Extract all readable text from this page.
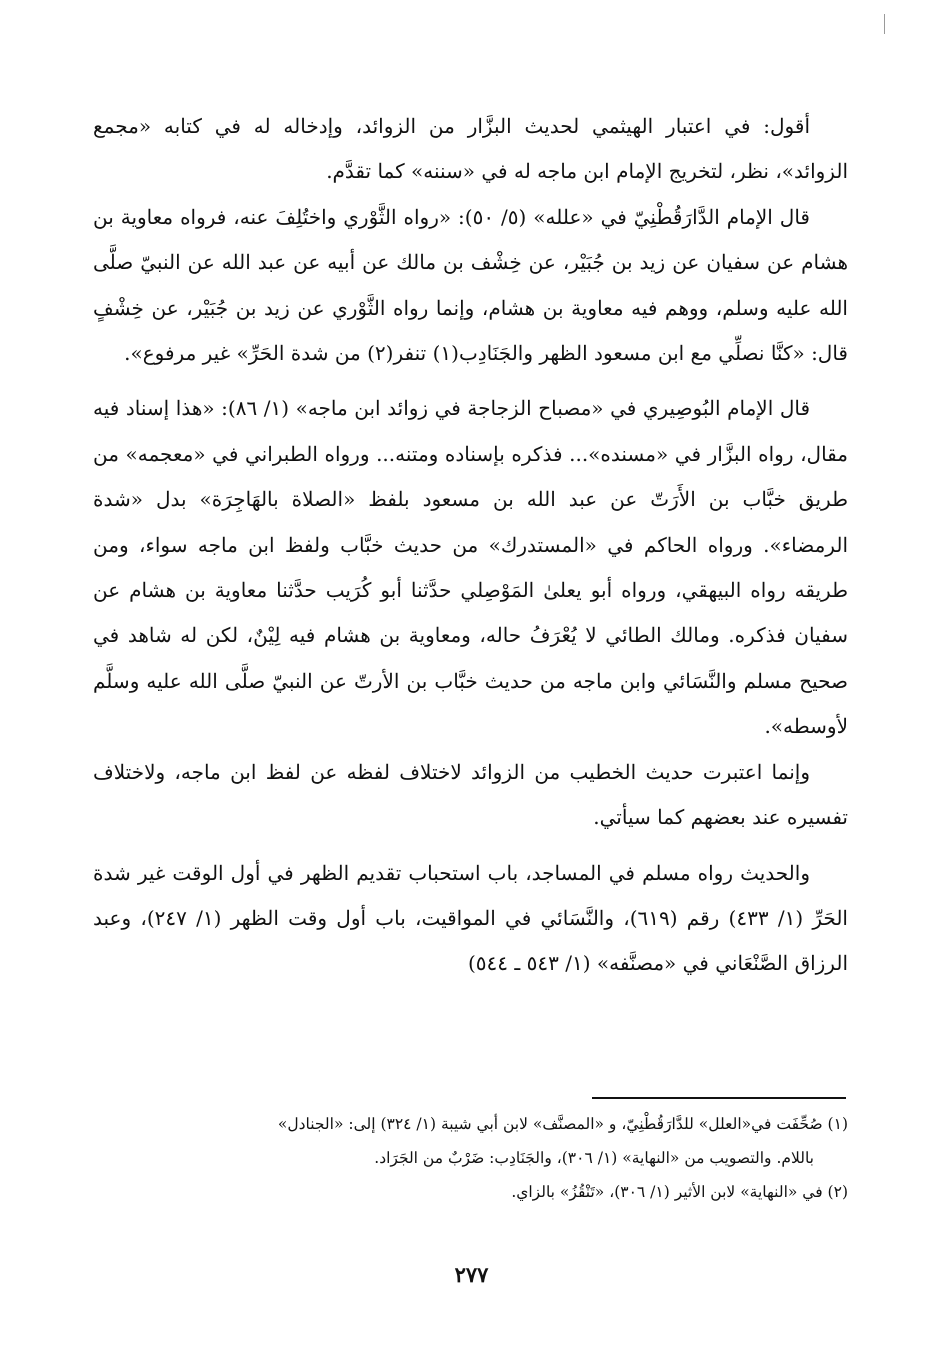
أقول: في اعتبار الهيثمي لحديث البزَّار من الزوائد، وإدخاله له في كتابه «مجمع الزوائد»، نظر، لتخريج الإمام ابن ماجه له في «سننه» كما تقدَّم.

قال الإمام الدَّارَقُطْنِيّ في «علله» (٥/ ٥٠): «رواه الثَّوْري واختُلِفَ عنه، فرواه معاوية بن هشام عن سفيان عن زيد بن جُبَيْر، عن خِشْف بن مالك عن أبيه عن عبد الله عن النبيّ صلَّى الله عليه وسلم، ووهم فيه معاوية بن هشام، وإنما رواه الثَّوْري عن زيد بن جُبَيْر، عن خِشْفٍ قال: «كنَّا نصلِّي مع ابن مسعود الظهر والجَنَادِب(١) تنفر(٢) من شدة الحَرِّ» غير مرفوع».

قال الإمام البُوصِيري في «مصباح الزجاجة في زوائد ابن ماجه» (١/ ٨٦): «هذا إسناد فيه مقال، رواه البزَّار في «مسنده»... فذكره بإسناده ومتنه... ورواه الطبراني في «معجمه» من طريق خبَّاب بن الأَرَتّ عن عبد الله بن مسعود بلفظ «الصلاة بالهَاجِرَة» بدل «شدة الرمضاء». ورواه الحاكم في «المستدرك» من حديث خبَّاب ولفظ ابن ماجه سواء، ومن طريقه رواه البيهقي، ورواه أبو يعلىٰ المَوْصِلي حدَّثنا أبو كُرَيب حدَّثنا معاوية بن هشام عن سفيان فذكره. ومالك الطائي لا يُعْرَفُ حاله، ومعاوية بن هشام فيه لِيْنٌ، لكن له شاهد في صحيح مسلم والنَّسَائي وابن ماجه من حديث خبَّاب بن الأرتّ عن النبيّ صلَّى الله عليه وسلَّم لأوسطه».

وإنما اعتبرت حديث الخطيب من الزوائد لاختلاف لفظه عن لفظ ابن ماجه، ولاختلاف تفسيره عند بعضهم كما سيأتي.

والحديث رواه مسلم في المساجد، باب استحباب تقديم الظهر في أول الوقت غير شدة الحَرِّ (١/ ٤٣٣) رقم (٦١٩)، والنَّسَائي في المواقيت، باب أول وقت الظهر (١/ ٢٤٧)، وعبد الرزاق الصَّنْعَاني في «مصنَّفه» (١/ ٥٤٣ ـ ٥٤٤)

(١) صُحِّفَت في«العلل» للدَّارَقُطْنِيّ، و «المصنَّف» لابن أبي شيبة (١/ ٣٢٤) إلى: «الجنادل»

باللام. والتصويب من «النهاية» (١/ ٣٠٦)، والجَنَادِب: ضَرْبٌ من الجَرَاد.

(٢) في «النهاية» لابن الأثير (١/ ٣٠٦)، «تَنْقُزُ» بالزاي.

٢٧٧
